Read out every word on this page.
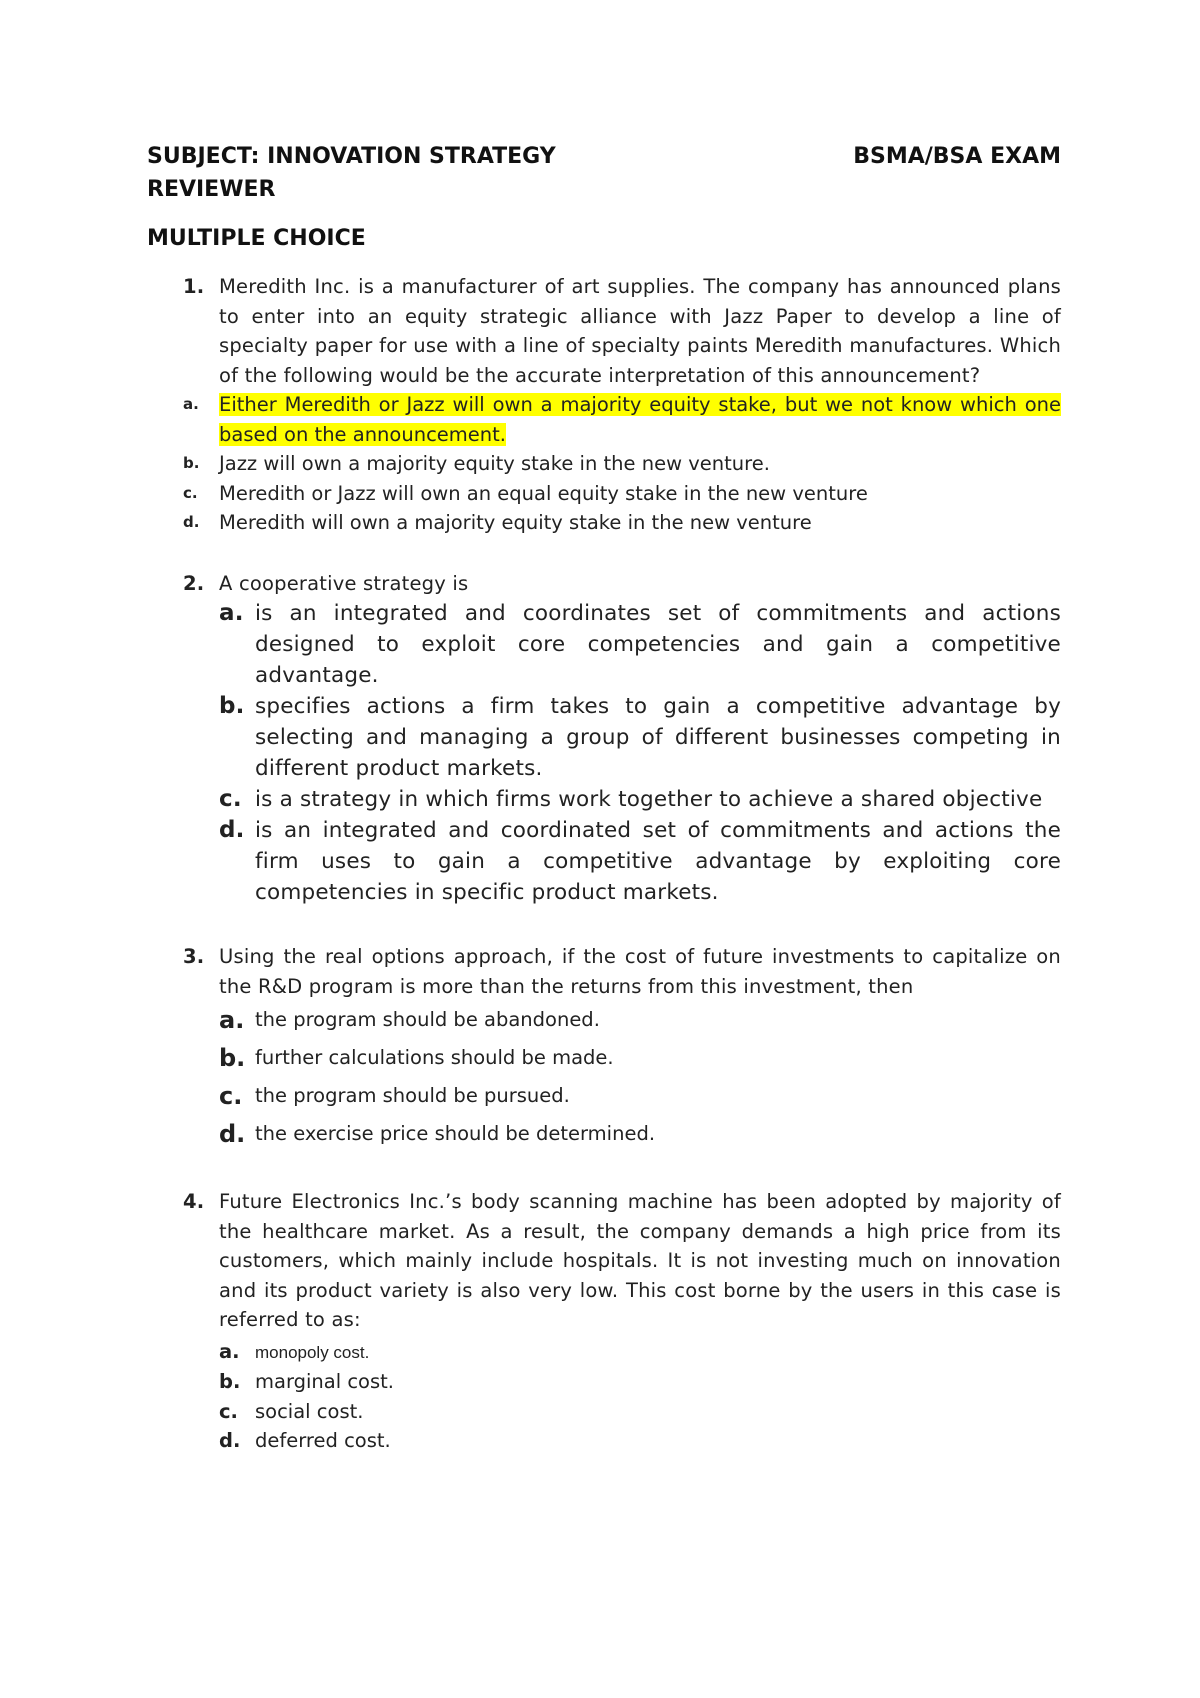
SUBJECT: INNOVATION STRATEGY	BSMA/BSA EXAM
REVIEWER
MULTIPLE CHOICE
1. Meredith Inc. is a manufacturer of art supplies. The company has announced plans to enter into an equity strategic alliance with Jazz Paper to develop a line of specialty paper for use with a line of specialty paints Meredith manufactures. Which of the following would be the accurate interpretation of this announcement?
a. Either Meredith or Jazz will own a majority equity stake, but we not know which one based on the announcement.
b. Jazz will own a majority equity stake in the new venture.
c. Meredith or Jazz will own an equal equity stake in the new venture
d. Meredith will own a majority equity stake in the new venture
2. A cooperative strategy is
a. is an integrated and coordinates set of commitments and actions designed to exploit core competencies and gain a competitive advantage.
b. specifies actions a firm takes to gain a competitive advantage by selecting and managing a group of different businesses competing in different product markets.
c. is a strategy in which firms work together to achieve a shared objective
d. is an integrated and coordinated set of commitments and actions the firm uses to gain a competitive advantage by exploiting core competencies in specific product markets.
3. Using the real options approach, if the cost of future investments to capitalize on the R&D program is more than the returns from this investment, then
a. the program should be abandoned.
b. further calculations should be made.
c. the program should be pursued.
d. the exercise price should be determined.
4. Future Electronics Inc.’s body scanning machine has been adopted by majority of the healthcare market. As a result, the company demands a high price from its customers, which mainly include hospitals. It is not investing much on innovation and its product variety is also very low. This cost borne by the users in this case is referred to as:
a. monopoly cost.
b. marginal cost.
c. social cost.
d. deferred cost.
